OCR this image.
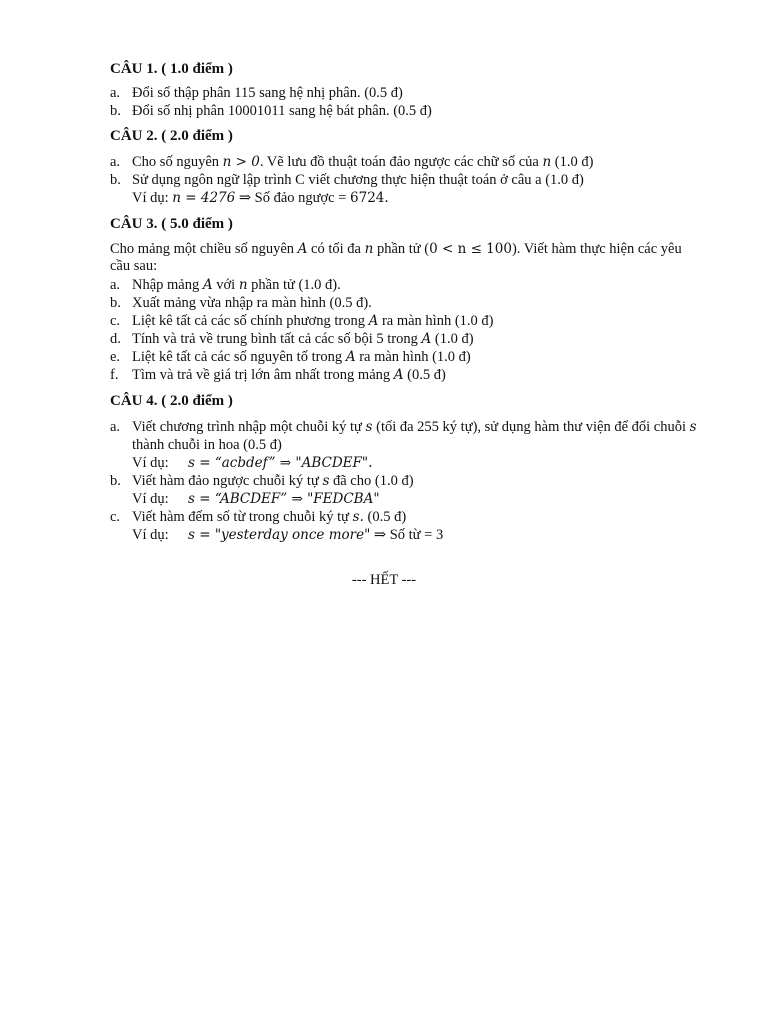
CÂU 1. ( 1.0 điểm )

a. Đổi số thập phân 115 sang hệ nhị phân. (0.5 đ)
b. Đổi số nhị phân 10001011 sang hệ bát phân. (0.5 đ)

CÂU 2. ( 2.0 điểm )

a. Cho số nguyên n > 0. Vẽ lưu đồ thuật toán đảo ngược các chữ số của n (1.0 đ)
b. Sử dụng ngôn ngữ lập trình C viết chương thực hiện thuật toán ở câu a (1.0 đ)
Ví dụ: n = 4276 ⇒ Số đảo ngược = 6724.

CÂU 3. ( 5.0 điểm )

Cho mảng một chiều số nguyên A có tối đa n phần tử (0 < n ≤ 100). Viết hàm thực hiện các yêu cầu sau:
a. Nhập mảng A với n phần tử (1.0 đ).
b. Xuất mảng vừa nhập ra màn hình (0.5 đ).
c. Liệt kê tất cả các số chính phương trong A ra màn hình (1.0 đ)
d. Tính và trả về trung bình tất cả các số bội 5 trong A (1.0 đ)
e. Liệt kê tất cả các số nguyên tố trong A ra màn hình (1.0 đ)
f. Tìm và trả về giá trị lớn âm nhất trong mảng A (0.5 đ)

CÂU 4. ( 2.0 điểm )

a. Viết chương trình nhập một chuỗi ký tự s (tối đa 255 ký tự), sử dụng hàm thư viện để đổi chuỗi s thành chuỗi in hoa (0.5 đ)
Ví dụ: s = “acbdef” ⇒ "ABCDEF".
b. Viết hàm đảo ngược chuỗi ký tự s đã cho (1.0 đ)
Ví dụ: s = “ABCDEF” ⇒ "FEDCBA"
c. Viết hàm đếm số từ trong chuỗi ký tự s. (0.5 đ)
Ví dụ: s = "yesterday once more" ⇒ Số từ = 3
--- HẾT ---
